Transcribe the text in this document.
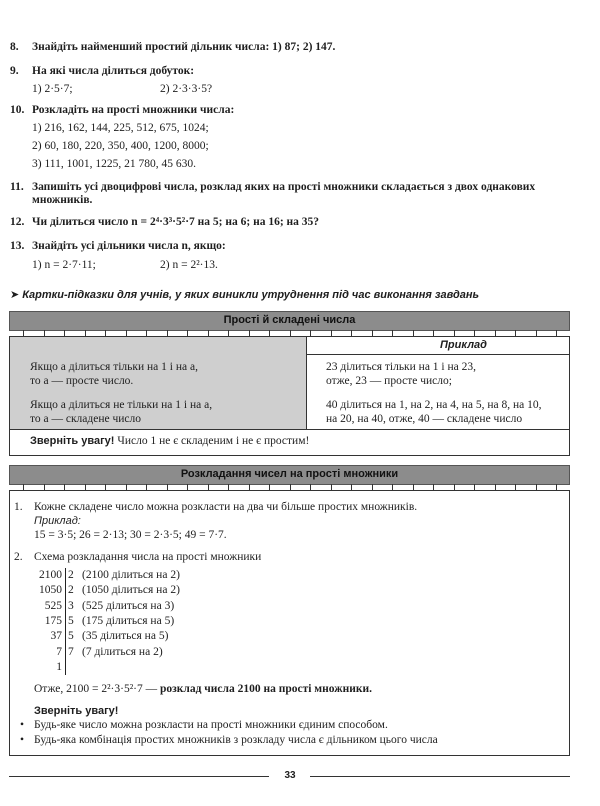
8. Знайдіть найменший простий дільник числа: 1) 87; 2) 147.
9. На які числа ділиться добуток:
1) 2·5·7;	2) 2·3·3·5?
10. Розкладіть на прості множники числа:
1) 216, 162, 144, 225, 512, 675, 1024;
2) 60, 180, 220, 350, 400, 1200, 8000;
3) 111, 1001, 1225, 21 780, 45 630.
11. Запишіть усі двоцифрові числа, розклад яких на прості множники складається з двох однакових
множників.
12. Чи ділиться число n = 2⁴·3³·5²·7 на 5; на 6; на 16; на 35?
13. Знайдіть усі дільники числа n, якщо:
1) n = 2·7·11;	2) n = 2²·13.
➤ Картки-підказки для учнів, у яких виникли утруднення під час виконання завдань
Прості й складені числа
Приклад
Якщо a ділиться тільки на 1 і на a,
то a — просте число.
Якщо a ділиться не тільки на 1 і на a,
то a — складене число
23 ділиться тільки на 1 і на 23,
отже, 23 — просте число;
40 ділиться на 1, на 2, на 4, на 5, на 8, на 10,
на 20, на 40, отже, 40 — складене число
Зверніть увагу! Число 1 не є складеним і не є простим!
Розкладання чисел на прості множники
1. Кожне складене число можна розкласти на два чи більше простих множників.
Приклад:
15 = 3·5; 26 = 2·13; 30 = 2·3·5; 49 = 7·7.
2. Схема розкладання числа на прості множники
2100 2 (2100 ділиться на 2)
1050 2 (1050 ділиться на 2)
525 3 (525 ділиться на 3)
175 5 (175 ділиться на 5)
37 5 (35 ділиться на 5)
7 7 (7 ділиться на 2)
1
Отже, 2100 = 2²·3·5²·7 — розклад числа 2100 на прості множники.
Зверніть увагу!
• Будь-яке число можна розкласти на прості множники єдиним способом.
• Будь-яка комбінація простих множників з розкладу числа є дільником цього числа
33
